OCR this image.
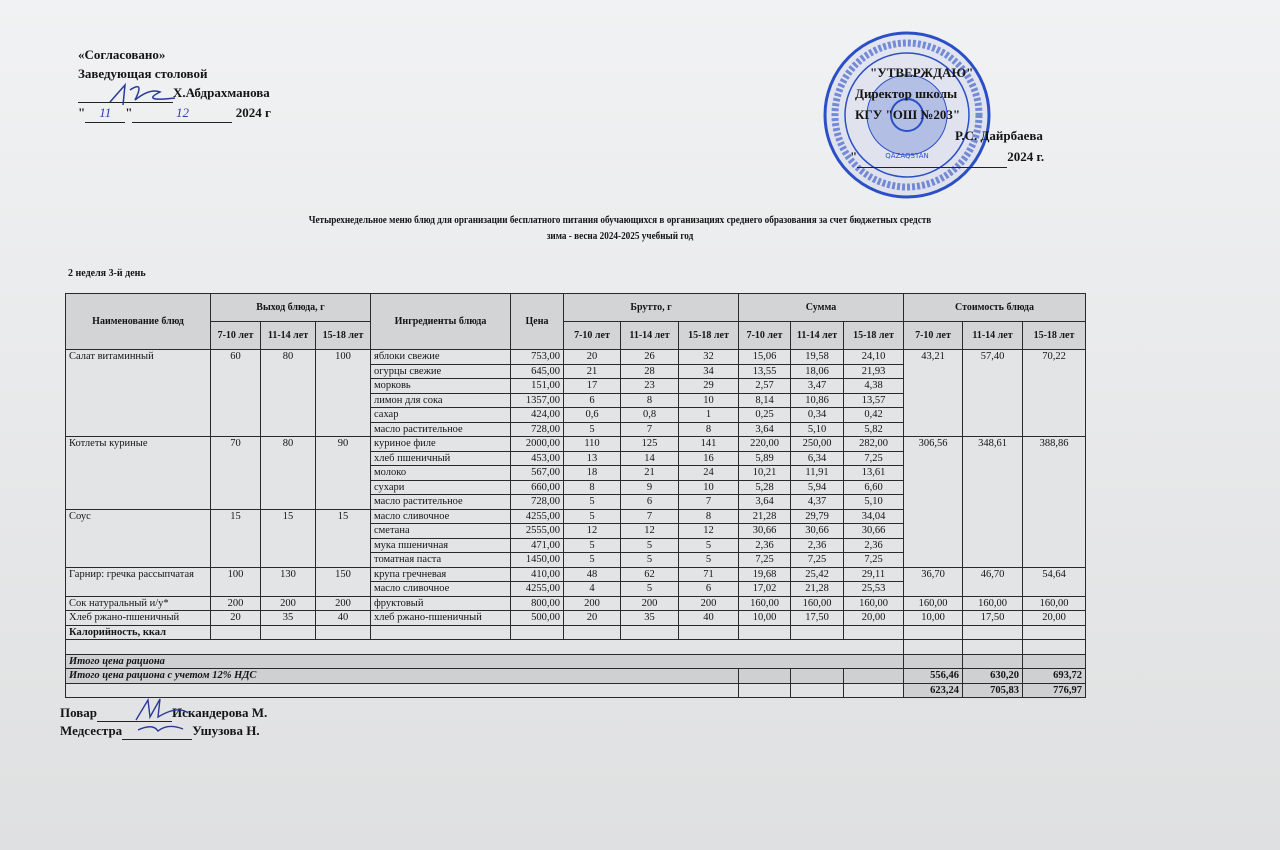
«Согласовано»
Заведующая столовой
Х.Абдрахманова
" 11 "	12	2024 г
QAZAQSTAN
"УТВЕРЖДАЮ"
Директор школы
КГУ "ОШ №203"
Р.С. Дайрбаева
"	2024 г.
Четырехнедельное меню блюд для организации бесплатного питания обучающихся в организациях среднего образования за счет бюджетных средств
зима - весна 2024-2025 учебный год
2 неделя 3-й день
Наименование блюд	Выход блюда, г			Ингредиенты блюда	Цена	Брутто, г			Сумма			Стоимость блюда		
	7-10 лет	11-14 лет	15-18 лет			7-10 лет	11-14 лет	15-18 лет	7-10 лет	11-14 лет	15-18 лет	7-10 лет	11-14 лет	15-18 лет
Салат витаминный	60	80	100	яблоки свежие	753,00	20	26	32	15,06	19,58	24,10	43,21	57,40	70,22
				огурцы свежие	645,00	21	28	34	13,55	18,06	21,93			
				морковь	151,00	17	23	29	2,57	3,47	4,38			
				лимон для сока	1357,00	6	8	10	8,14	10,86	13,57			
				сахар	424,00	0,6	0,8	1	0,25	0,34	0,42			
				масло растительное	728,00	5	7	8	3,64	5,10	5,82			
Котлеты куриные	70	80	90	куриное филе	2000,00	110	125	141	220,00	250,00	282,00	306,56	348,61	388,86
				хлеб пшеничный	453,00	13	14	16	5,89	6,34	7,25			
				молоко	567,00	18	21	24	10,21	11,91	13,61			
				сухари	660,00	8	9	10	5,28	5,94	6,60			
				масло растительное	728,00	5	6	7	3,64	4,37	5,10			
Соус	15	15	15	масло сливочное	4255,00	5	7	8	21,28	29,79	34,04			
				сметана	2555,00	12	12	12	30,66	30,66	30,66			
				мука пшеничная	471,00	5	5	5	2,36	2,36	2,36			
				томатная паста	1450,00	5	5	5	7,25	7,25	7,25			
Гарнир: гречка рассыпчатая	100	130	150	крупа гречневая	410,00	48	62	71	19,68	25,42	29,11	36,70	46,70	54,64
				масло сливочное	4255,00	4	5	6	17,02	21,28	25,53			
Сок натуральный и/у*	200	200	200	фруктовый	800,00	200	200	200	160,00	160,00	160,00	160,00	160,00	160,00
Хлеб ржано-пшеничный	20	35	40	хлеб ржано-пшеничный	500,00	20	35	40	10,00	17,50	20,00	10,00	17,50	20,00
Калорийность, ккал														

Итого цена рациона														
Итого цена рациона с учетом 12% НДС												556,46	630,20	693,72
												623,24	705,83	776,97
Повар	Искандерова М.
Медсестра	Ушузова Н.
